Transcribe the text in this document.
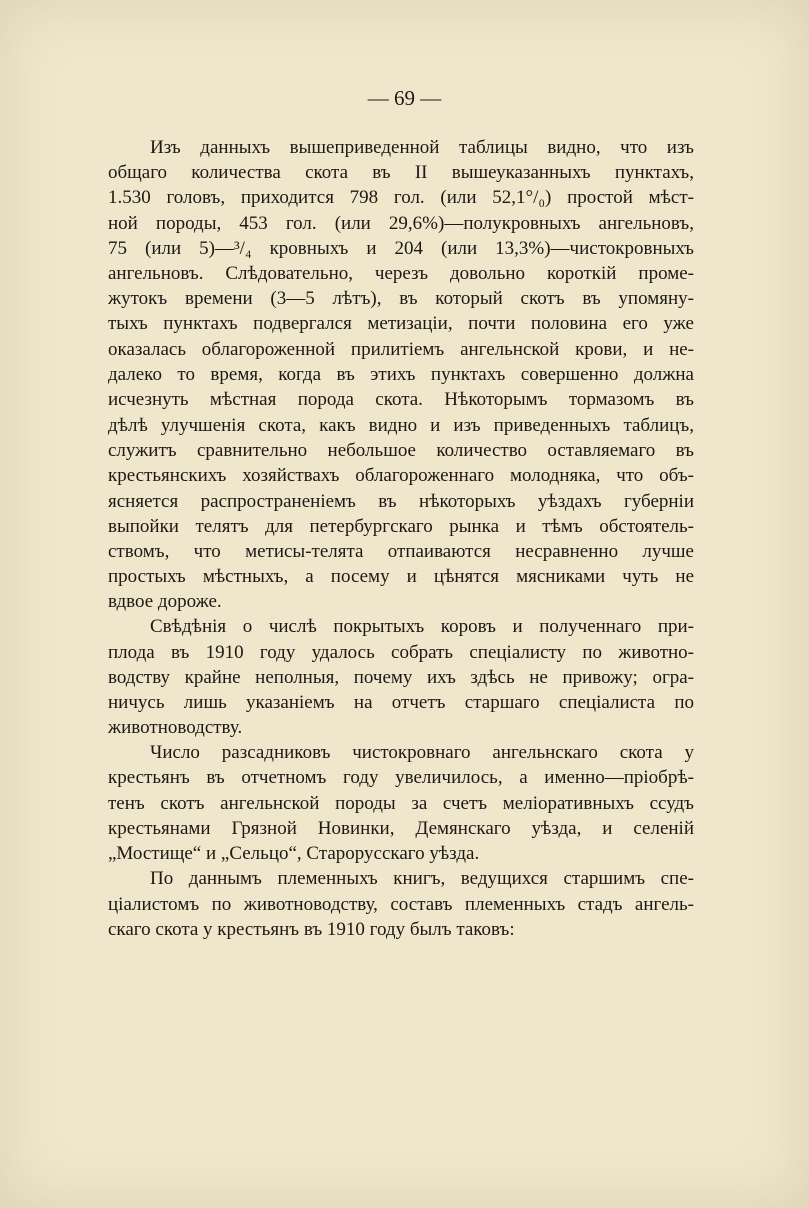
— 69 —
Изъ данныхъ вышеприведенной таблицы видно, что изъ
общаго количества скота въ II вышеуказанныхъ пунктахъ,
1.530 головъ, приходится 798 гол. (или 52,1°/₀) простой мѣст-
ной породы, 453 гол. (или 29,6%)—полукровныхъ ангельновъ,
75 (или 5)—³/₄ кровныхъ и 204 (или 13,3%)—чистокровныхъ
ангельновъ. Слѣдовательно, черезъ довольно короткій проме-
жутокъ времени (3—5 лѣтъ), въ который скотъ въ упомяну-
тыхъ пунктахъ подвергался метизаціи, почти половина его уже
оказалась облагороженной прилитіемъ ангельнской крови, и не-
далеко то время, когда въ этихъ пунктахъ совершенно должна
исчезнуть мѣстная порода скота. Нѣкоторымъ тормазомъ въ
дѣлѣ улучшенія скота, какъ видно и изъ приведенныхъ таблицъ,
служитъ сравнительно небольшое количество оставляемаго въ
крестьянскихъ хозяйствахъ облагороженнаго молодняка, что объ-
ясняется распространеніемъ въ нѣкоторыхъ уѣздахъ губерніи
выпойки телятъ для петербургскаго рынка и тѣмъ обстоятель-
ствомъ, что метисы-телята отпаиваются несравненно лучше
простыхъ мѣстныхъ, а посему и цѣнятся мясниками чуть не
вдвое дороже.
Свѣдѣнія о числѣ покрытыхъ коровъ и полученнаго при-
плода въ 1910 году удалось собрать спеціалисту по животно-
водству крайне неполныя, почему ихъ здѣсь не привожу; огра-
ничусь лишь указаніемъ на отчетъ старшаго спеціалиста по
животноводству.
Число разсадниковъ чистокровнаго ангельнскаго скота у
крестьянъ въ отчетномъ году увеличилось, а именно—пріобрѣ-
тенъ скотъ ангельнской породы за счетъ меліоративныхъ ссудъ
крестьянами Грязной Новинки, Демянскаго уѣзда, и селеній
„Мостище“ и „Сельцо“, Старорусскаго уѣзда.
По даннымъ племенныхъ книгъ, ведущихся старшимъ спе-
ціалистомъ по животноводству, составъ племенныхъ стадъ ангель-
скаго скота у крестьянъ въ 1910 году былъ таковъ:
